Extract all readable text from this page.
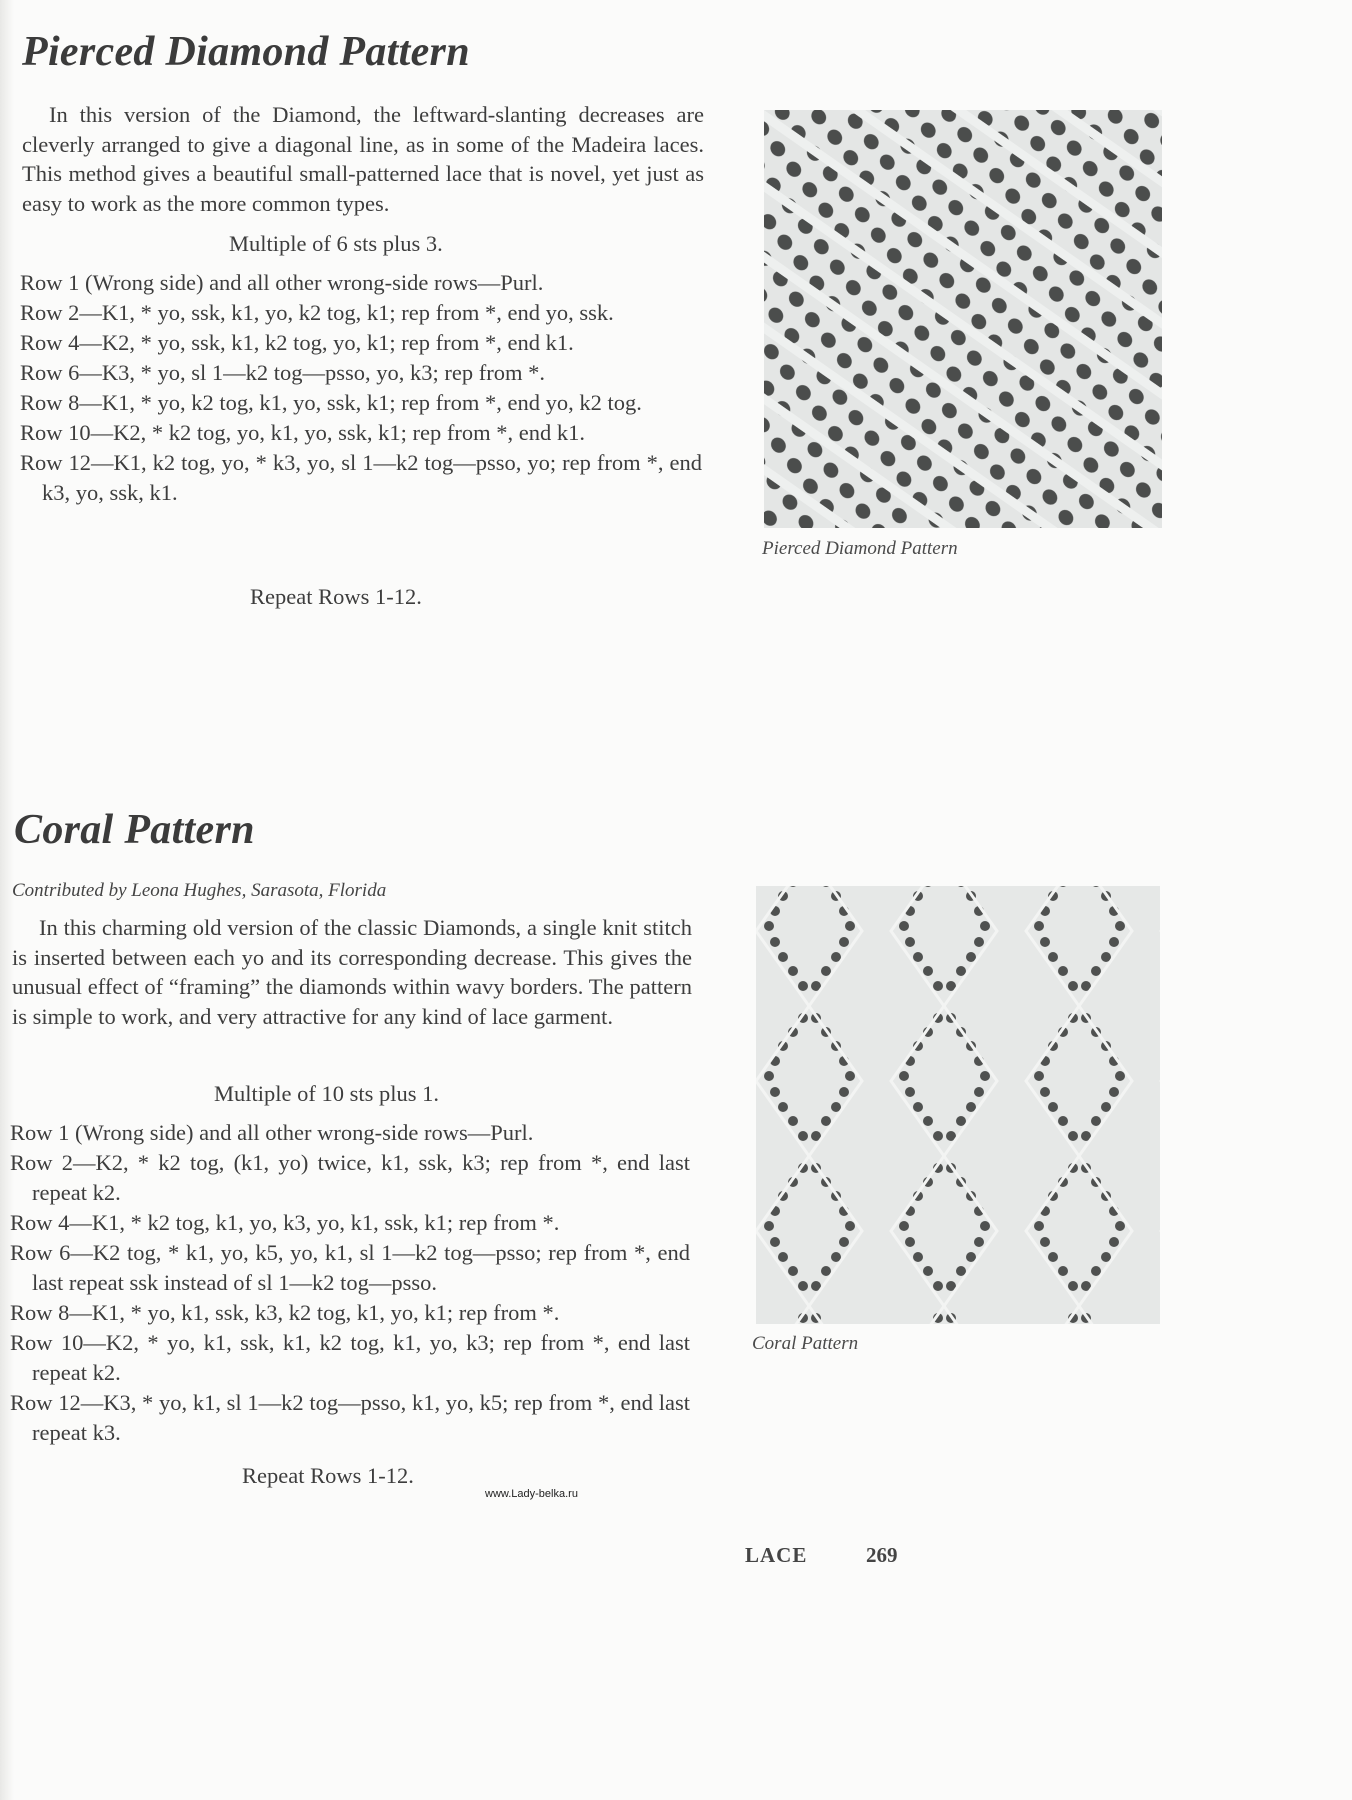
Pierced Diamond Pattern

In this version of the Diamond, the leftward-slanting decreases are cleverly arranged to give a diagonal line, as in some of the Madeira laces. This method gives a beautiful small-patterned lace that is novel, yet just as easy to work as the more common types.

Multiple of 6 sts plus 3.

Row 1 (Wrong side) and all other wrong-side rows—Purl.
Row 2—K1, * yo, ssk, k1, yo, k2 tog, k1; rep from *, end yo, ssk.
Row 4—K2, * yo, ssk, k1, k2 tog, yo, k1; rep from *, end k1.
Row 6—K3, * yo, sl 1—k2 tog—psso, yo, k3; rep from *.
Row 8—K1, * yo, k2 tog, k1, yo, ssk, k1; rep from *, end yo, k2 tog.
Row 10—K2, * k2 tog, yo, k1, yo, ssk, k1; rep from *, end k1.
Row 12—K1, k2 tog, yo, * k3, yo, sl 1—k2 tog—psso, yo; rep from *, end k3, yo, ssk, k1.

Repeat Rows 1-12.

Pierced Diamond Pattern

Coral Pattern

Contributed by Leona Hughes, Sarasota, Florida

In this charming old version of the classic Diamonds, a single knit stitch is inserted between each yo and its corresponding decrease. This gives the unusual effect of “framing” the diamonds within wavy borders. The pattern is simple to work, and very attractive for any kind of lace garment.

Multiple of 10 sts plus 1.

Row 1 (Wrong side) and all other wrong-side rows—Purl.
Row 2—K2, * k2 tog, (k1, yo) twice, k1, ssk, k3; rep from *, end last repeat k2.
Row 4—K1, * k2 tog, k1, yo, k3, yo, k1, ssk, k1; rep from *.
Row 6—K2 tog, * k1, yo, k5, yo, k1, sl 1—k2 tog—psso; rep from *, end last repeat ssk instead of sl 1—k2 tog—psso.
Row 8—K1, * yo, k1, ssk, k3, k2 tog, k1, yo, k1; rep from *.
Row 10—K2, * yo, k1, ssk, k1, k2 tog, k1, yo, k3; rep from *, end last repeat k2.
Row 12—K3, * yo, k1, sl 1—k2 tog—psso, k1, yo, k5; rep from *, end last repeat k3.

Repeat Rows 1-12.

Coral Pattern

www.Lady-belka.ru
LACE	269
